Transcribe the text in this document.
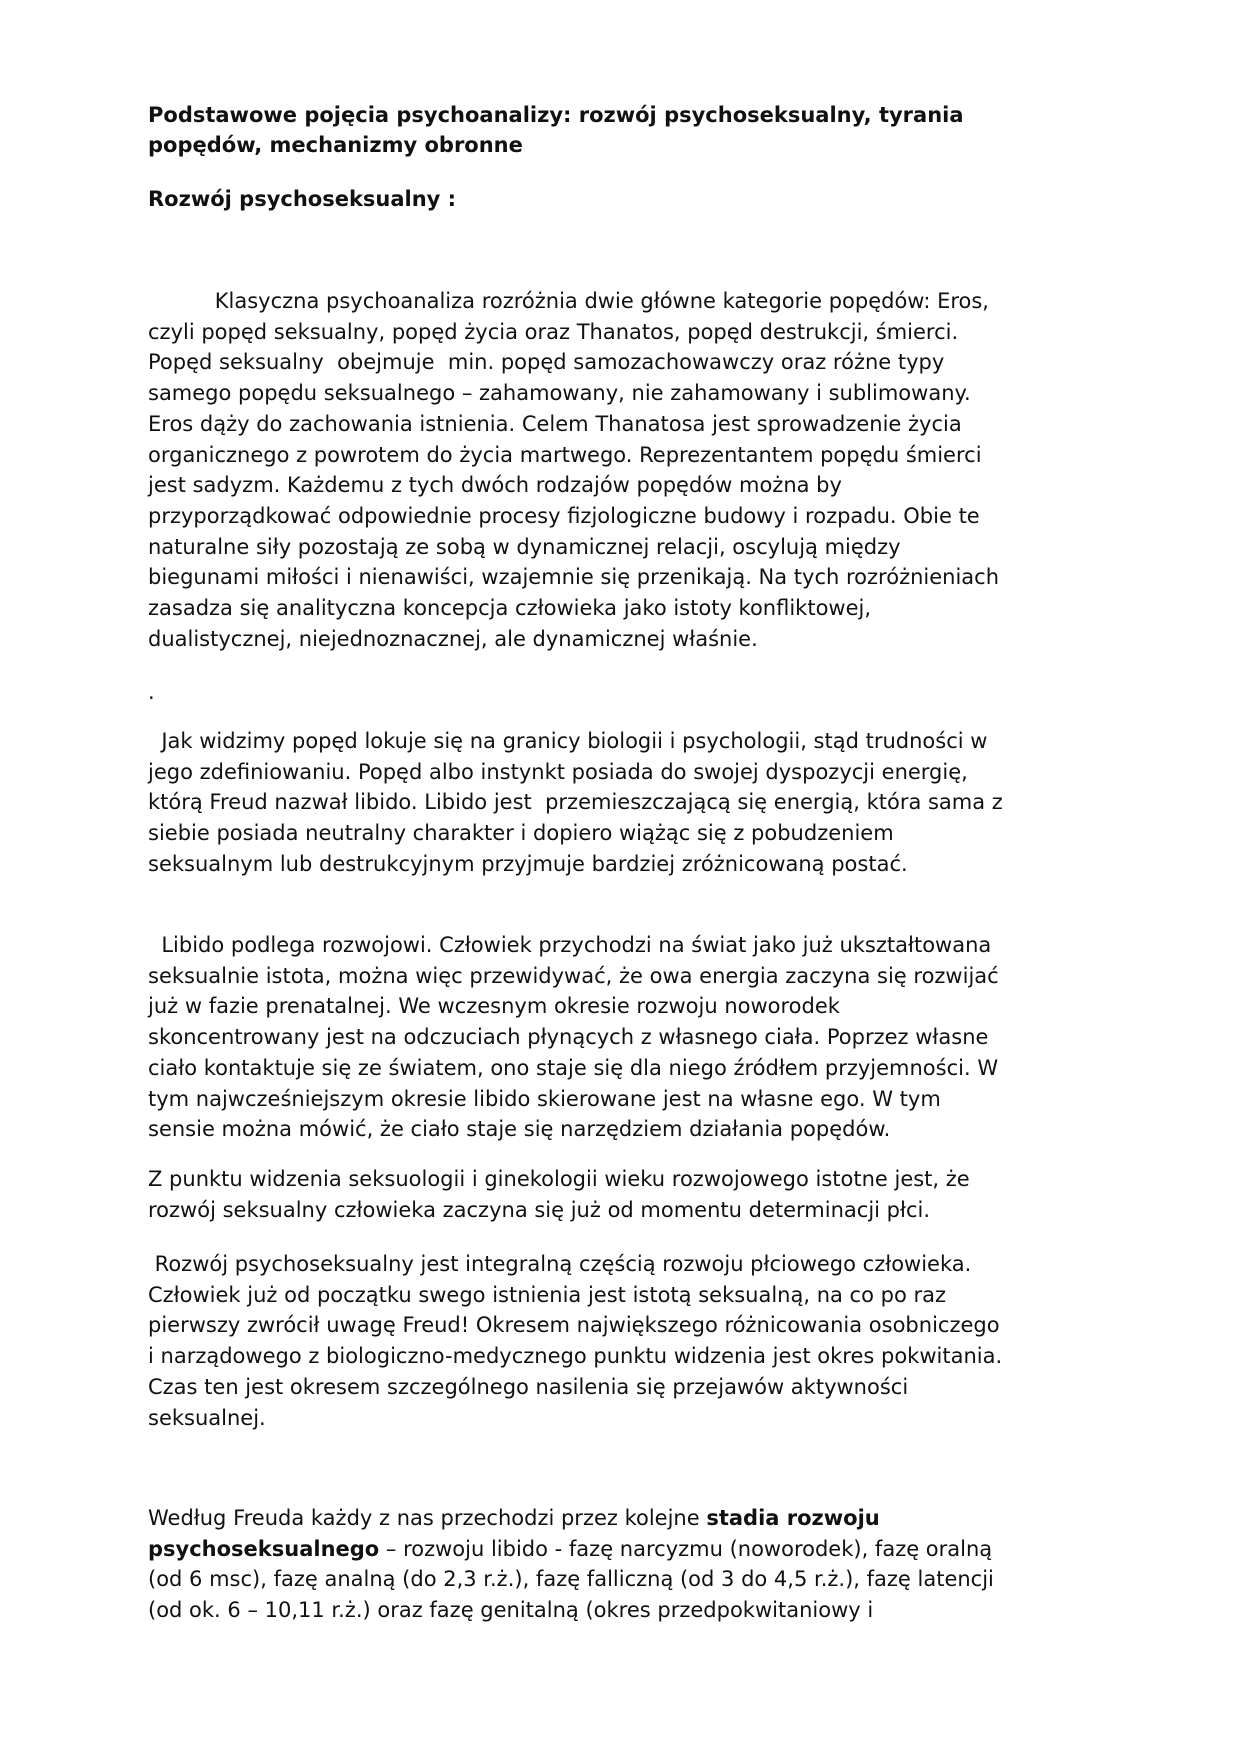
Podstawowe pojęcia psychoanalizy: rozwój psychoseksualny, tyrania
popędów, mechanizmy obronne
Rozwój psychoseksualny :

Klasyczna psychoanaliza rozróżnia dwie główne kategorie popędów: Eros,
czyli popęd seksualny, popęd życia oraz Thanatos, popęd destrukcji, śmierci.
Popęd seksualny  obejmuje  min. popęd samozachowawczy oraz różne typy
samego popędu seksualnego – zahamowany, nie zahamowany i sublimowany.
Eros dąży do zachowania istnienia. Celem Thanatosa jest sprowadzenie życia
organicznego z powrotem do życia martwego. Reprezentantem popędu śmierci
jest sadyzm. Każdemu z tych dwóch rodzajów popędów można by
przyporządkować odpowiednie procesy fizjologiczne budowy i rozpadu. Obie te
naturalne siły pozostają ze sobą w dynamicznej relacji, oscylują między
biegunami miłości i nienawiści, wzajemnie się przenikają. Na tych rozróżnieniach
zasadza się analityczna koncepcja człowieka jako istoty konfliktowej,
dualistycznej, niejednoznacznej, ale dynamicznej właśnie.

.

Jak widzimy popęd lokuje się na granicy biologii i psychologii, stąd trudności w
jego zdefiniowaniu. Popęd albo instynkt posiada do swojej dyspozycji energię,
którą Freud nazwał libido. Libido jest  przemieszczającą się energią, która sama z
siebie posiada neutralny charakter i dopiero wiążąc się z pobudzeniem
seksualnym lub destrukcyjnym przyjmuje bardziej zróżnicowaną postać.

Libido podlega rozwojowi. Człowiek przychodzi na świat jako już ukształtowana
seksualnie istota, można więc przewidywać, że owa energia zaczyna się rozwijać
już w fazie prenatalnej. We wczesnym okresie rozwoju noworodek
skoncentrowany jest na odczuciach płynących z własnego ciała. Poprzez własne
ciało kontaktuje się ze światem, ono staje się dla niego źródłem przyjemności. W
tym najwcześniejszym okresie libido skierowane jest na własne ego. W tym
sensie można mówić, że ciało staje się narzędziem działania popędów.

Z punktu widzenia seksuologii i ginekologii wieku rozwojowego istotne jest, że
rozwój seksualny człowieka zaczyna się już od momentu determinacji płci.

Rozwój psychoseksualny jest integralną częścią rozwoju płciowego człowieka.
Człowiek już od początku swego istnienia jest istotą seksualną, na co po raz
pierwszy zwrócił uwagę Freud! Okresem największego różnicowania osobniczego
i narządowego z biologiczno-medycznego punktu widzenia jest okres pokwitania.
Czas ten jest okresem szczególnego nasilenia się przejawów aktywności
seksualnej.

Według Freuda każdy z nas przechodzi przez kolejne stadia rozwoju
psychoseksualnego – rozwoju libido - fazę narcyzmu (noworodek), fazę oralną
(od 6 msc), fazę analną (do 2,3 r.ż.), fazę falliczną (od 3 do 4,5 r.ż.), fazę latencji
(od ok. 6 – 10,11 r.ż.) oraz fazę genitalną (okres przedpokwitaniowy i
